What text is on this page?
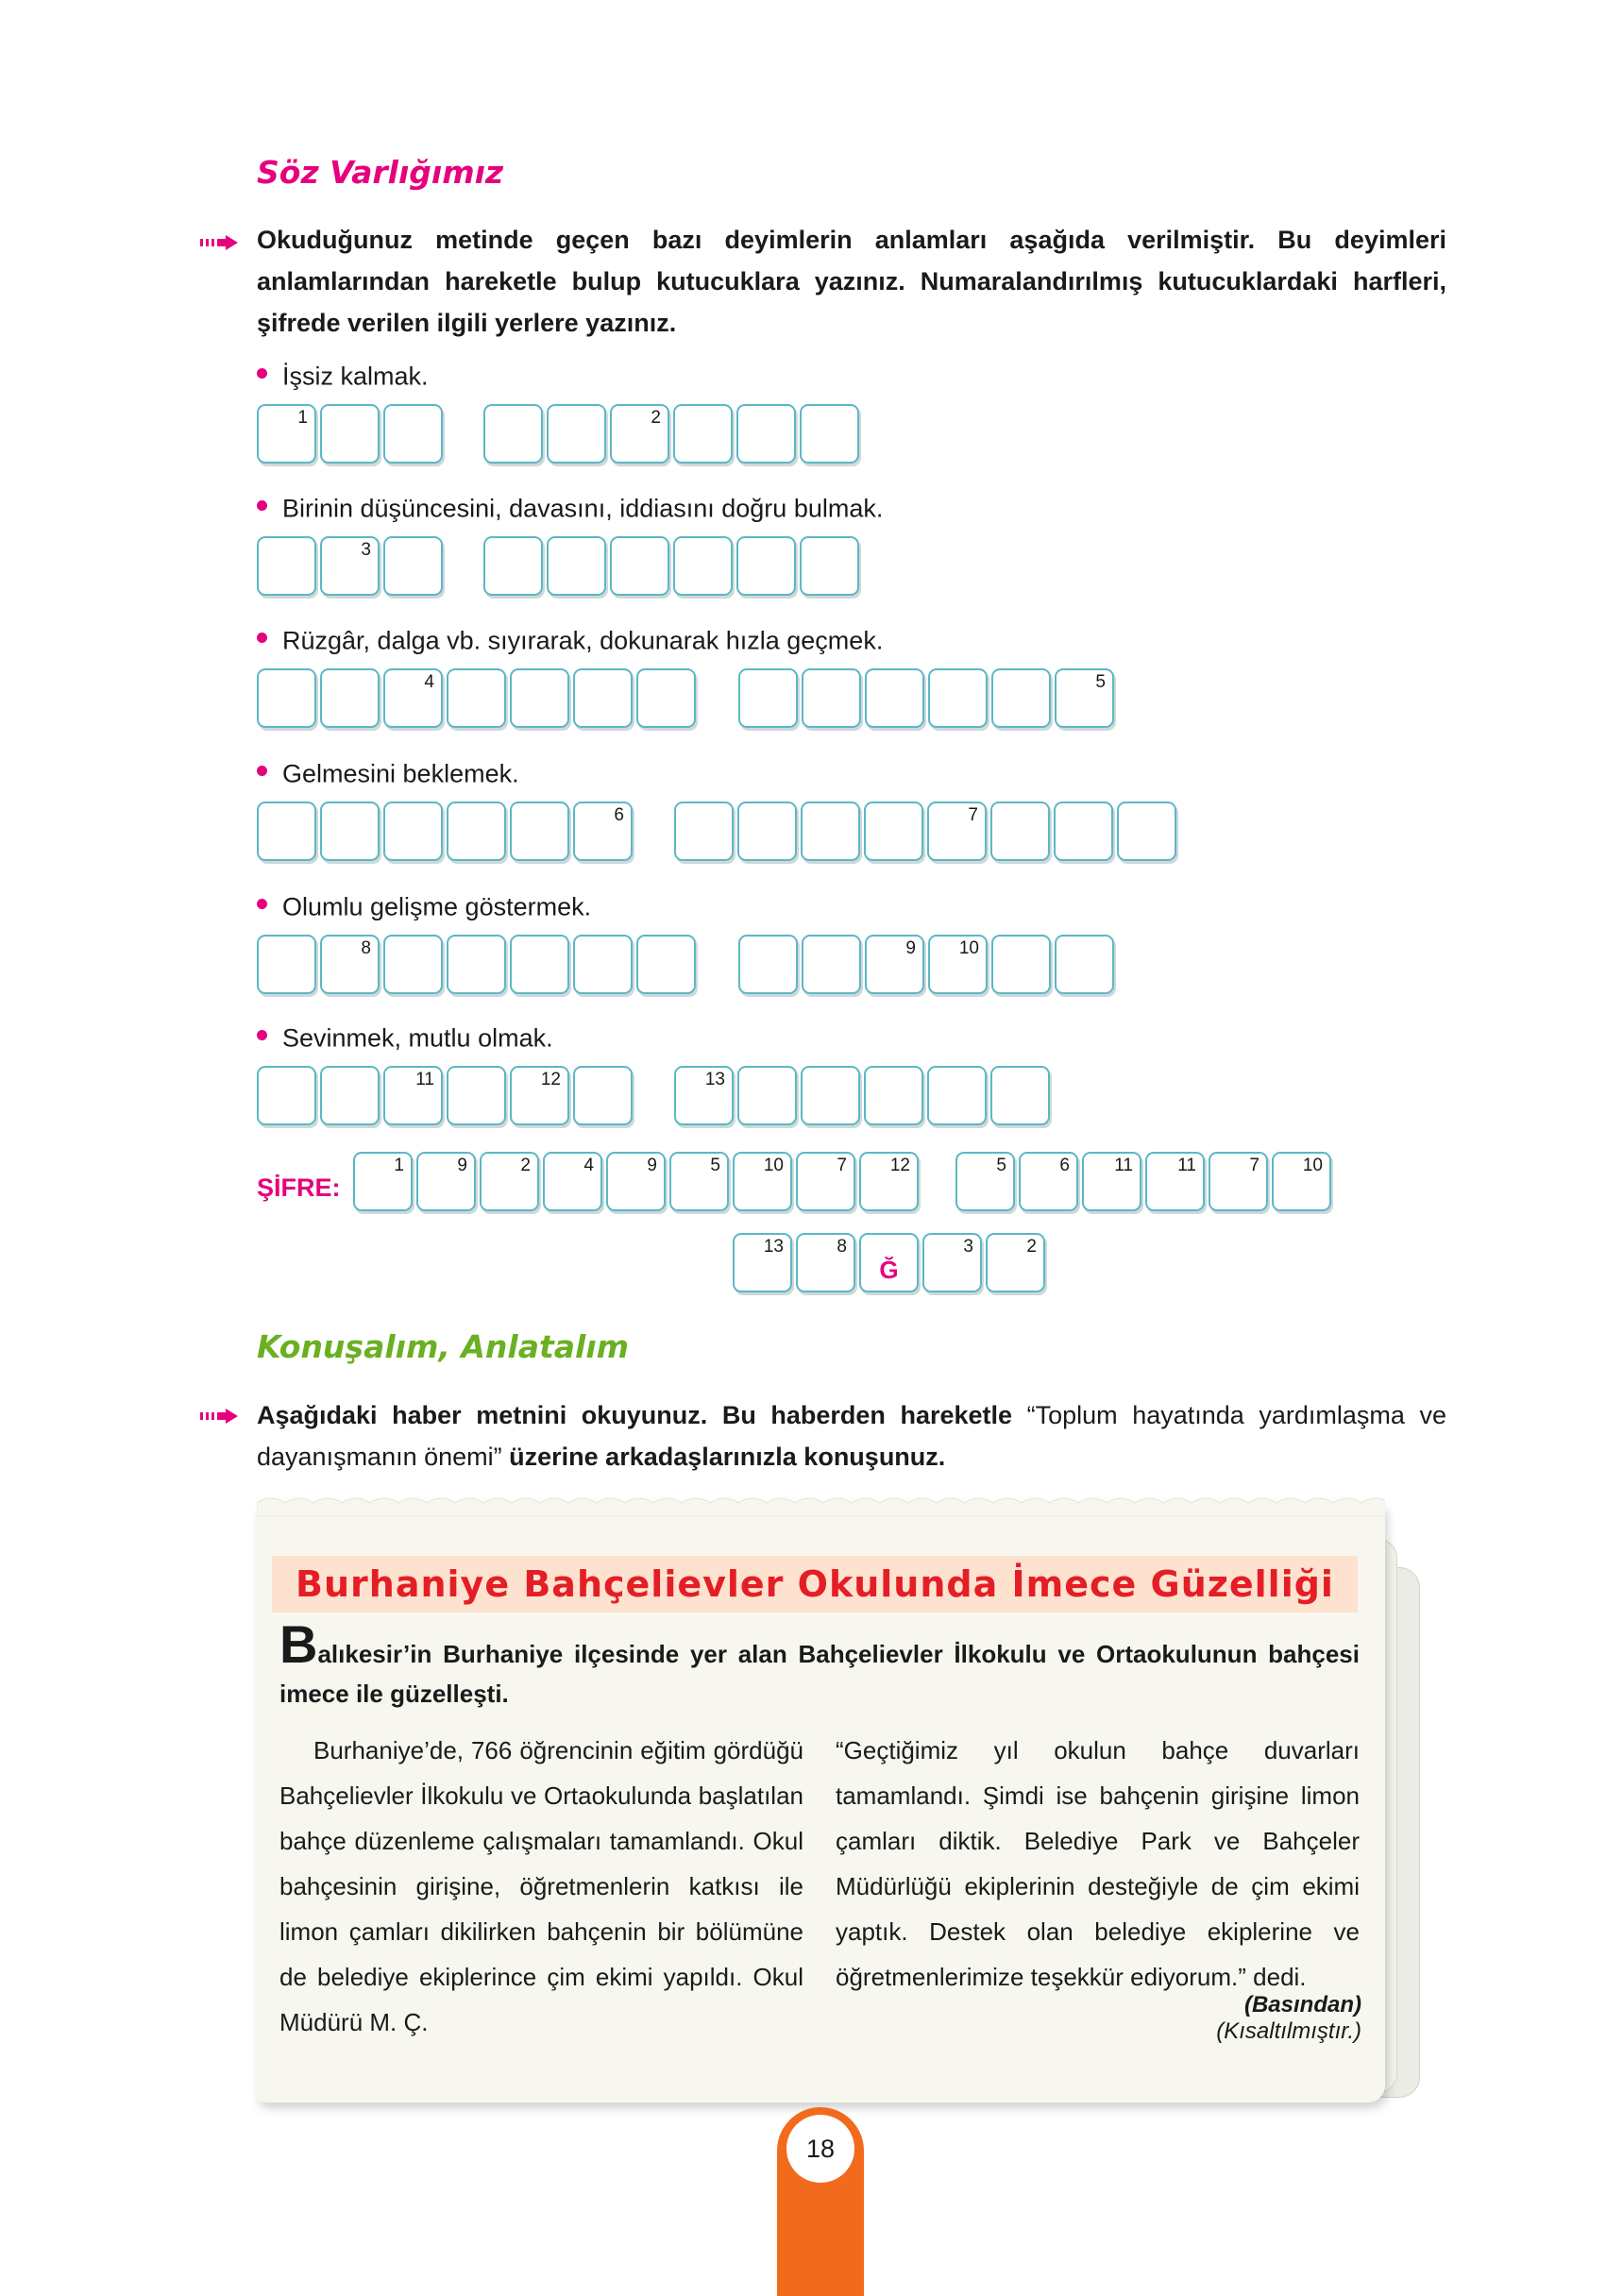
Söz Varlığımız
Okuduğunuz metinde geçen bazı deyimlerin anlamları aşağıda verilmiştir. Bu deyimleri anlamlarından hareketle bulup kutucuklara yazınız. Numaralandırılmış kutucuklardaki harfleri, şifrede verilen ilgili yerlere yazınız.
İşsiz kalmak.
1	2
Birinin düşüncesini, davasını, iddiasını doğru bulmak.
3
Rüzgâr, dalga vb. sıyırarak, dokunarak hızla geçmek.
4	5
Gelmesini beklemek.
6	7
Olumlu gelişme göstermek.
8	9 10
Sevinmek, mutlu olmak.
11	12	13
ŞİFRE:
1	9	2	4	9	5 10	7 12	5	6 11 11	7 10
13	8
Ğ
3	2
Konuşalım, Anlatalım
Aşağıdaki haber metnini okuyunuz. Bu haberden hareketle “Toplum hayatında yardımlaşma ve dayanışmanın önemi” üzerine arkadaşlarınızla konuşunuz.
Burhaniye Bahçelievler Okulunda İmece Güzelliği
Balıkesir’in Burhaniye ilçesinde yer alan Bahçelievler İlkokulu ve Ortaokulunun bahçesi imece ile güzelleşti.
Burhaniye’de, 766 öğrencinin eğitim gördüğü Bahçelievler İlkokulu ve Ortaokulunda başlatılan bahçe düzenleme çalışmaları tamamlandı. Okul bahçesinin girişine, öğretmenlerin katkısı ile limon çamları dikilirken bahçenin bir bölümüne de belediye ekiplerince çim ekimi yapıldı. Okul Müdürü M. Ç.
“Geçtiğimiz yıl okulun bahçe duvarları tamamlandı. Şimdi ise bahçenin girişine limon çamları diktik. Belediye Park ve Bahçeler Müdürlüğü ekiplerinin desteğiyle de çim ekimi yaptık. Destek olan belediye ekiplerine ve öğretmenlerimize teşekkür ediyorum.” dedi.
(Basından)
(Kısaltılmıştır.)
18
